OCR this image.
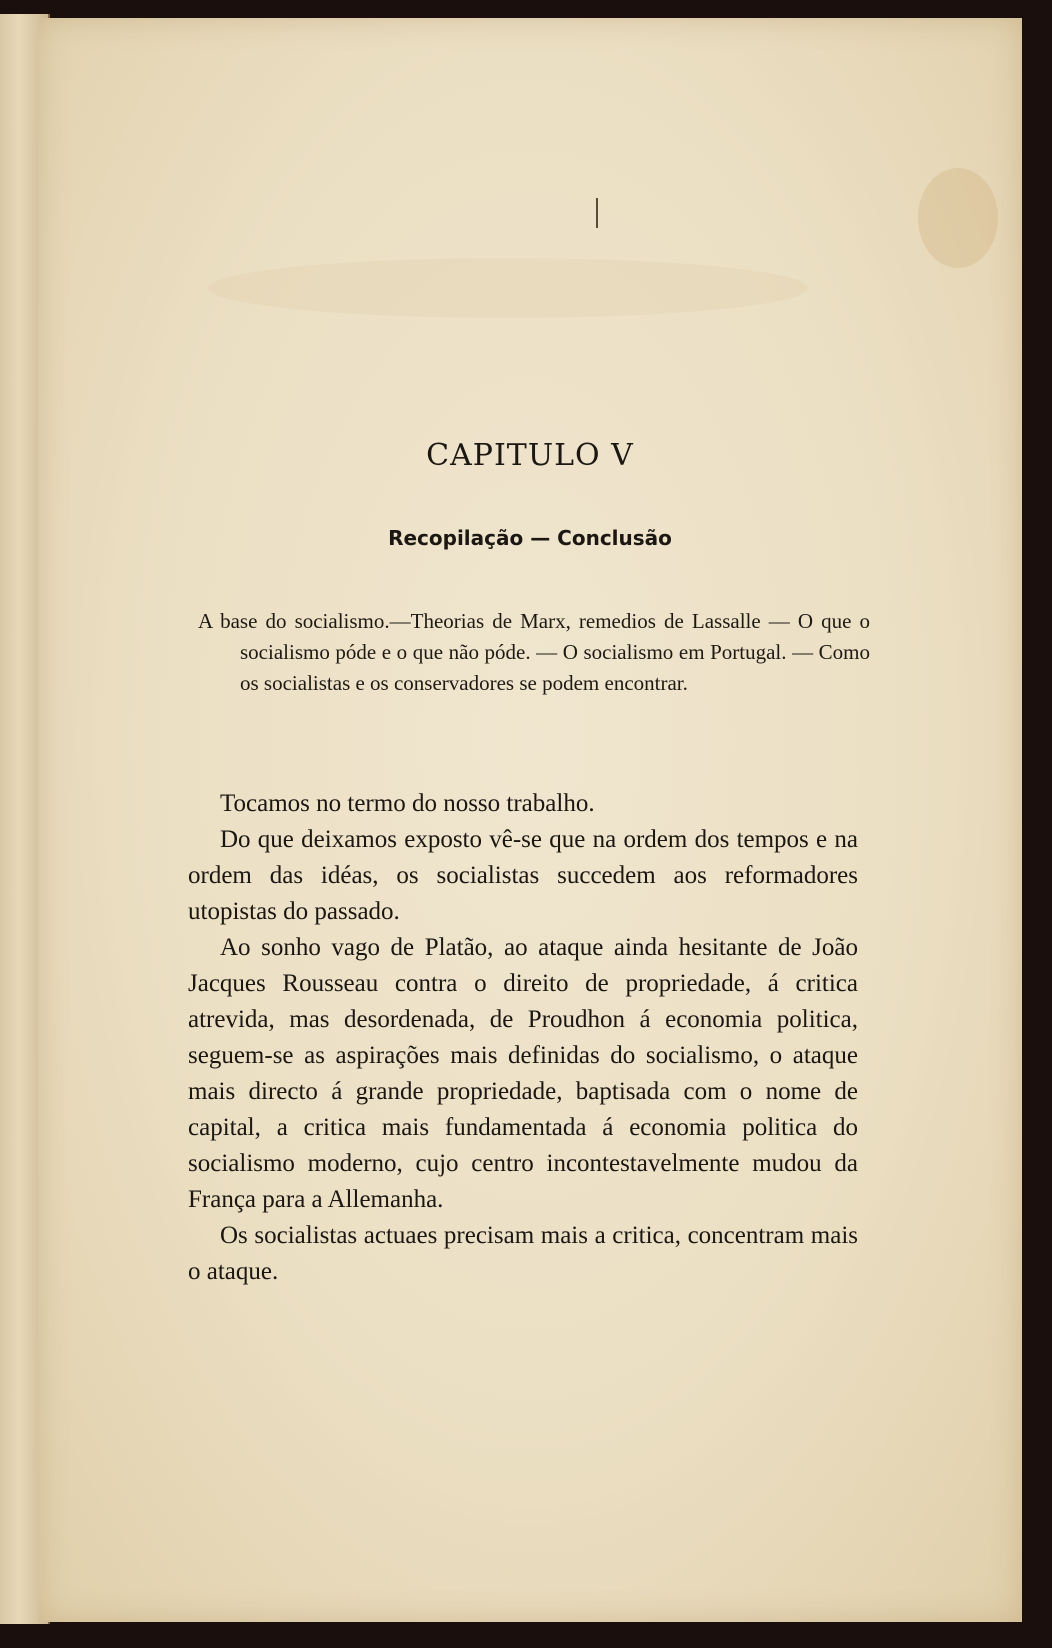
CAPITULO V
Recopilação — Conclusão
A base do socialismo.—Theorias de Marx, remedios de Lassalle — O que o socialismo póde e o que não póde. — O socialismo em Portugal. — Como os socialistas e os conservadores se podem encontrar.

Tocamos no termo do nosso trabalho.

Do que deixamos exposto vê-se que na ordem dos tempos e na ordem das idéas, os socialistas succedem aos reformadores utopistas do passado.

Ao sonho vago de Platão, ao ataque ainda hesitante de João Jacques Rousseau contra o direito de propriedade, á critica atrevida, mas desordenada, de Proudhon á economia politica, seguem-se as aspirações mais definidas do socialismo, o ataque mais directo á grande propriedade, baptisada com o nome de capital, a critica mais fundamentada á economia politica do socialismo moderno, cujo centro incontestavelmente mudou da França para a Allemanha.

Os socialistas actuaes precisam mais a critica, concentram mais o ataque.
